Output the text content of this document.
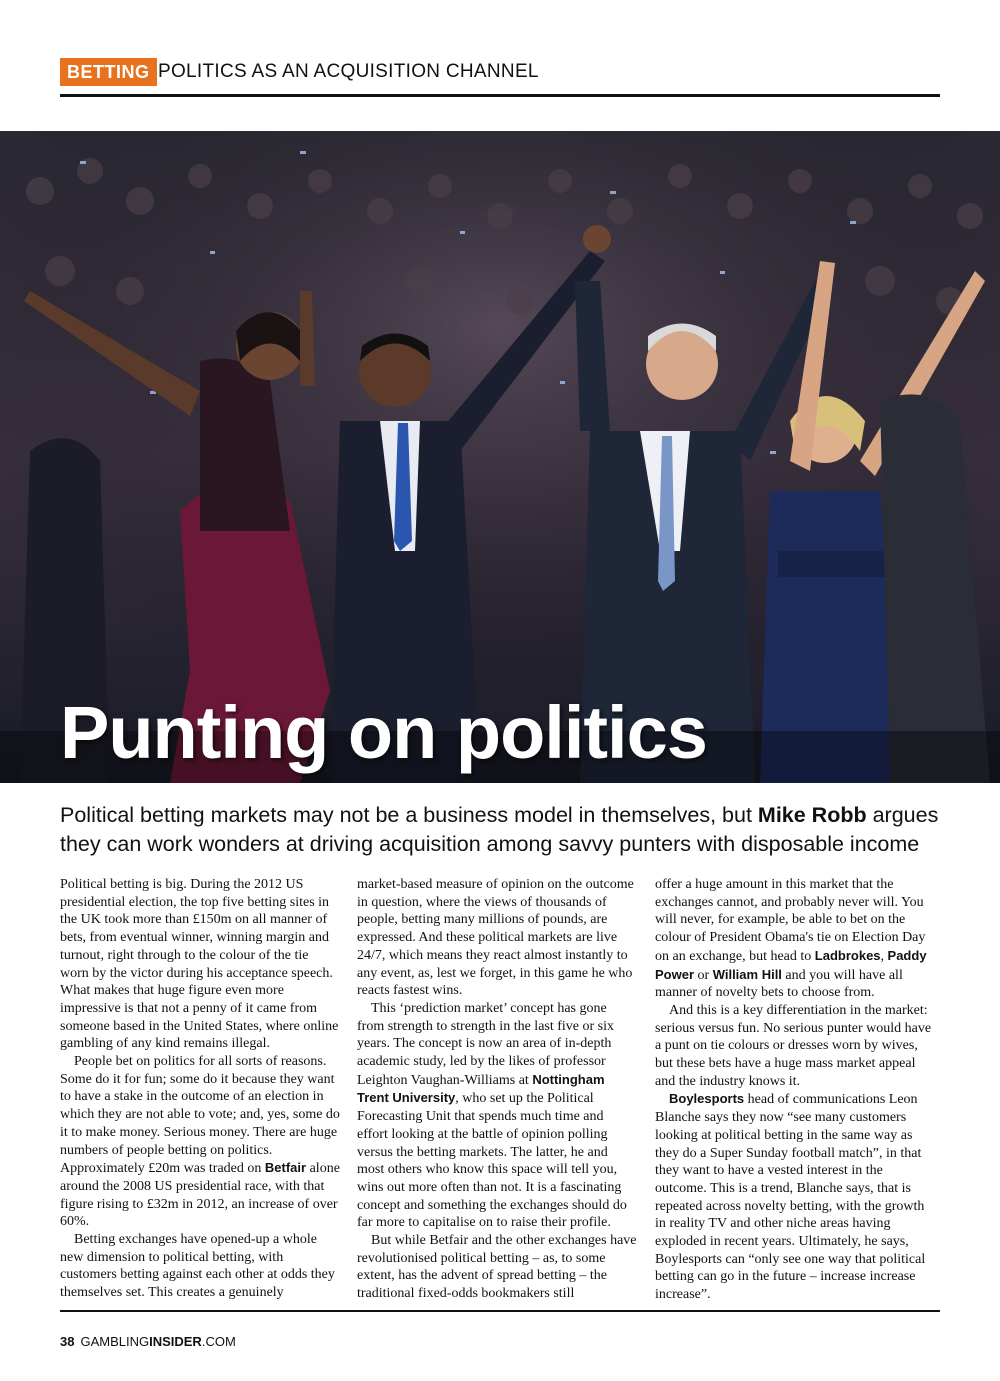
BETTING POLITICS AS AN ACQUISITION CHANNEL
Punting on politics
Political betting markets may not be a business model in themselves, but Mike Robb argues they can work wonders at driving acquisition among savvy punters with disposable income

Political betting is big. During the 2012 US presidential election, the top five betting sites in the UK took more than £150m on all manner of bets, from eventual winner, winning margin and turnout, right through to the colour of the tie worn by the victor during his acceptance speech. What makes that huge figure even more impressive is that not a penny of it came from someone based in the United States, where online gambling of any kind remains illegal.

People bet on politics for all sorts of reasons. Some do it for fun; some do it because they want to have a stake in the outcome of an election in which they are not able to vote; and, yes, some do it to make money. Serious money. There are huge numbers of people betting on politics. Approximately £20m was traded on Betfair alone around the 2008 US presidential race, with that figure rising to £32m in 2012, an increase of over 60%.

Betting exchanges have opened-up a whole new dimension to political betting, with customers betting against each other at odds they themselves set. This creates a genuinely

market-based measure of opinion on the outcome in question, where the views of thousands of people, betting many millions of pounds, are expressed. And these political markets are live 24/7, which means they react almost instantly to any event, as, lest we forget, in this game he who reacts fastest wins.

This ‘prediction market’ concept has gone from strength to strength in the last five or six years. The concept is now an area of in-depth academic study, led by the likes of professor Leighton Vaughan-Williams at Nottingham Trent University, who set up the Political Forecasting Unit that spends much time and effort looking at the battle of opinion polling versus the betting markets. The latter, he and most others who know this space will tell you, wins out more often than not. It is a fascinating concept and something the exchanges should do far more to capitalise on to raise their profile.

But while Betfair and the other exchanges have revolutionised political betting – as, to some extent, has the advent of spread betting – the traditional fixed-odds bookmakers still

offer a huge amount in this market that the exchanges cannot, and probably never will. You will never, for example, be able to bet on the colour of President Obama's tie on Election Day on an exchange, but head to Ladbrokes, Paddy Power or William Hill and you will have all manner of novelty bets to choose from.

And this is a key differentiation in the market: serious versus fun. No serious punter would have a punt on tie colours or dresses worn by wives, but these bets have a huge mass market appeal and the industry knows it.

Boylesports head of communications Leon Blanche says they now “see many customers looking at political betting in the same way as they do a Super Sunday football match”, in that they want to have a vested interest in the outcome. This is a trend, Blanche says, that is repeated across novelty betting, with the growth in reality TV and other niche areas having exploded in recent years. Ultimately, he says, Boylesports can “only see one way that political betting can go in the future – increase increase increase”.

38 GAMBLINGINSIDER.COM
